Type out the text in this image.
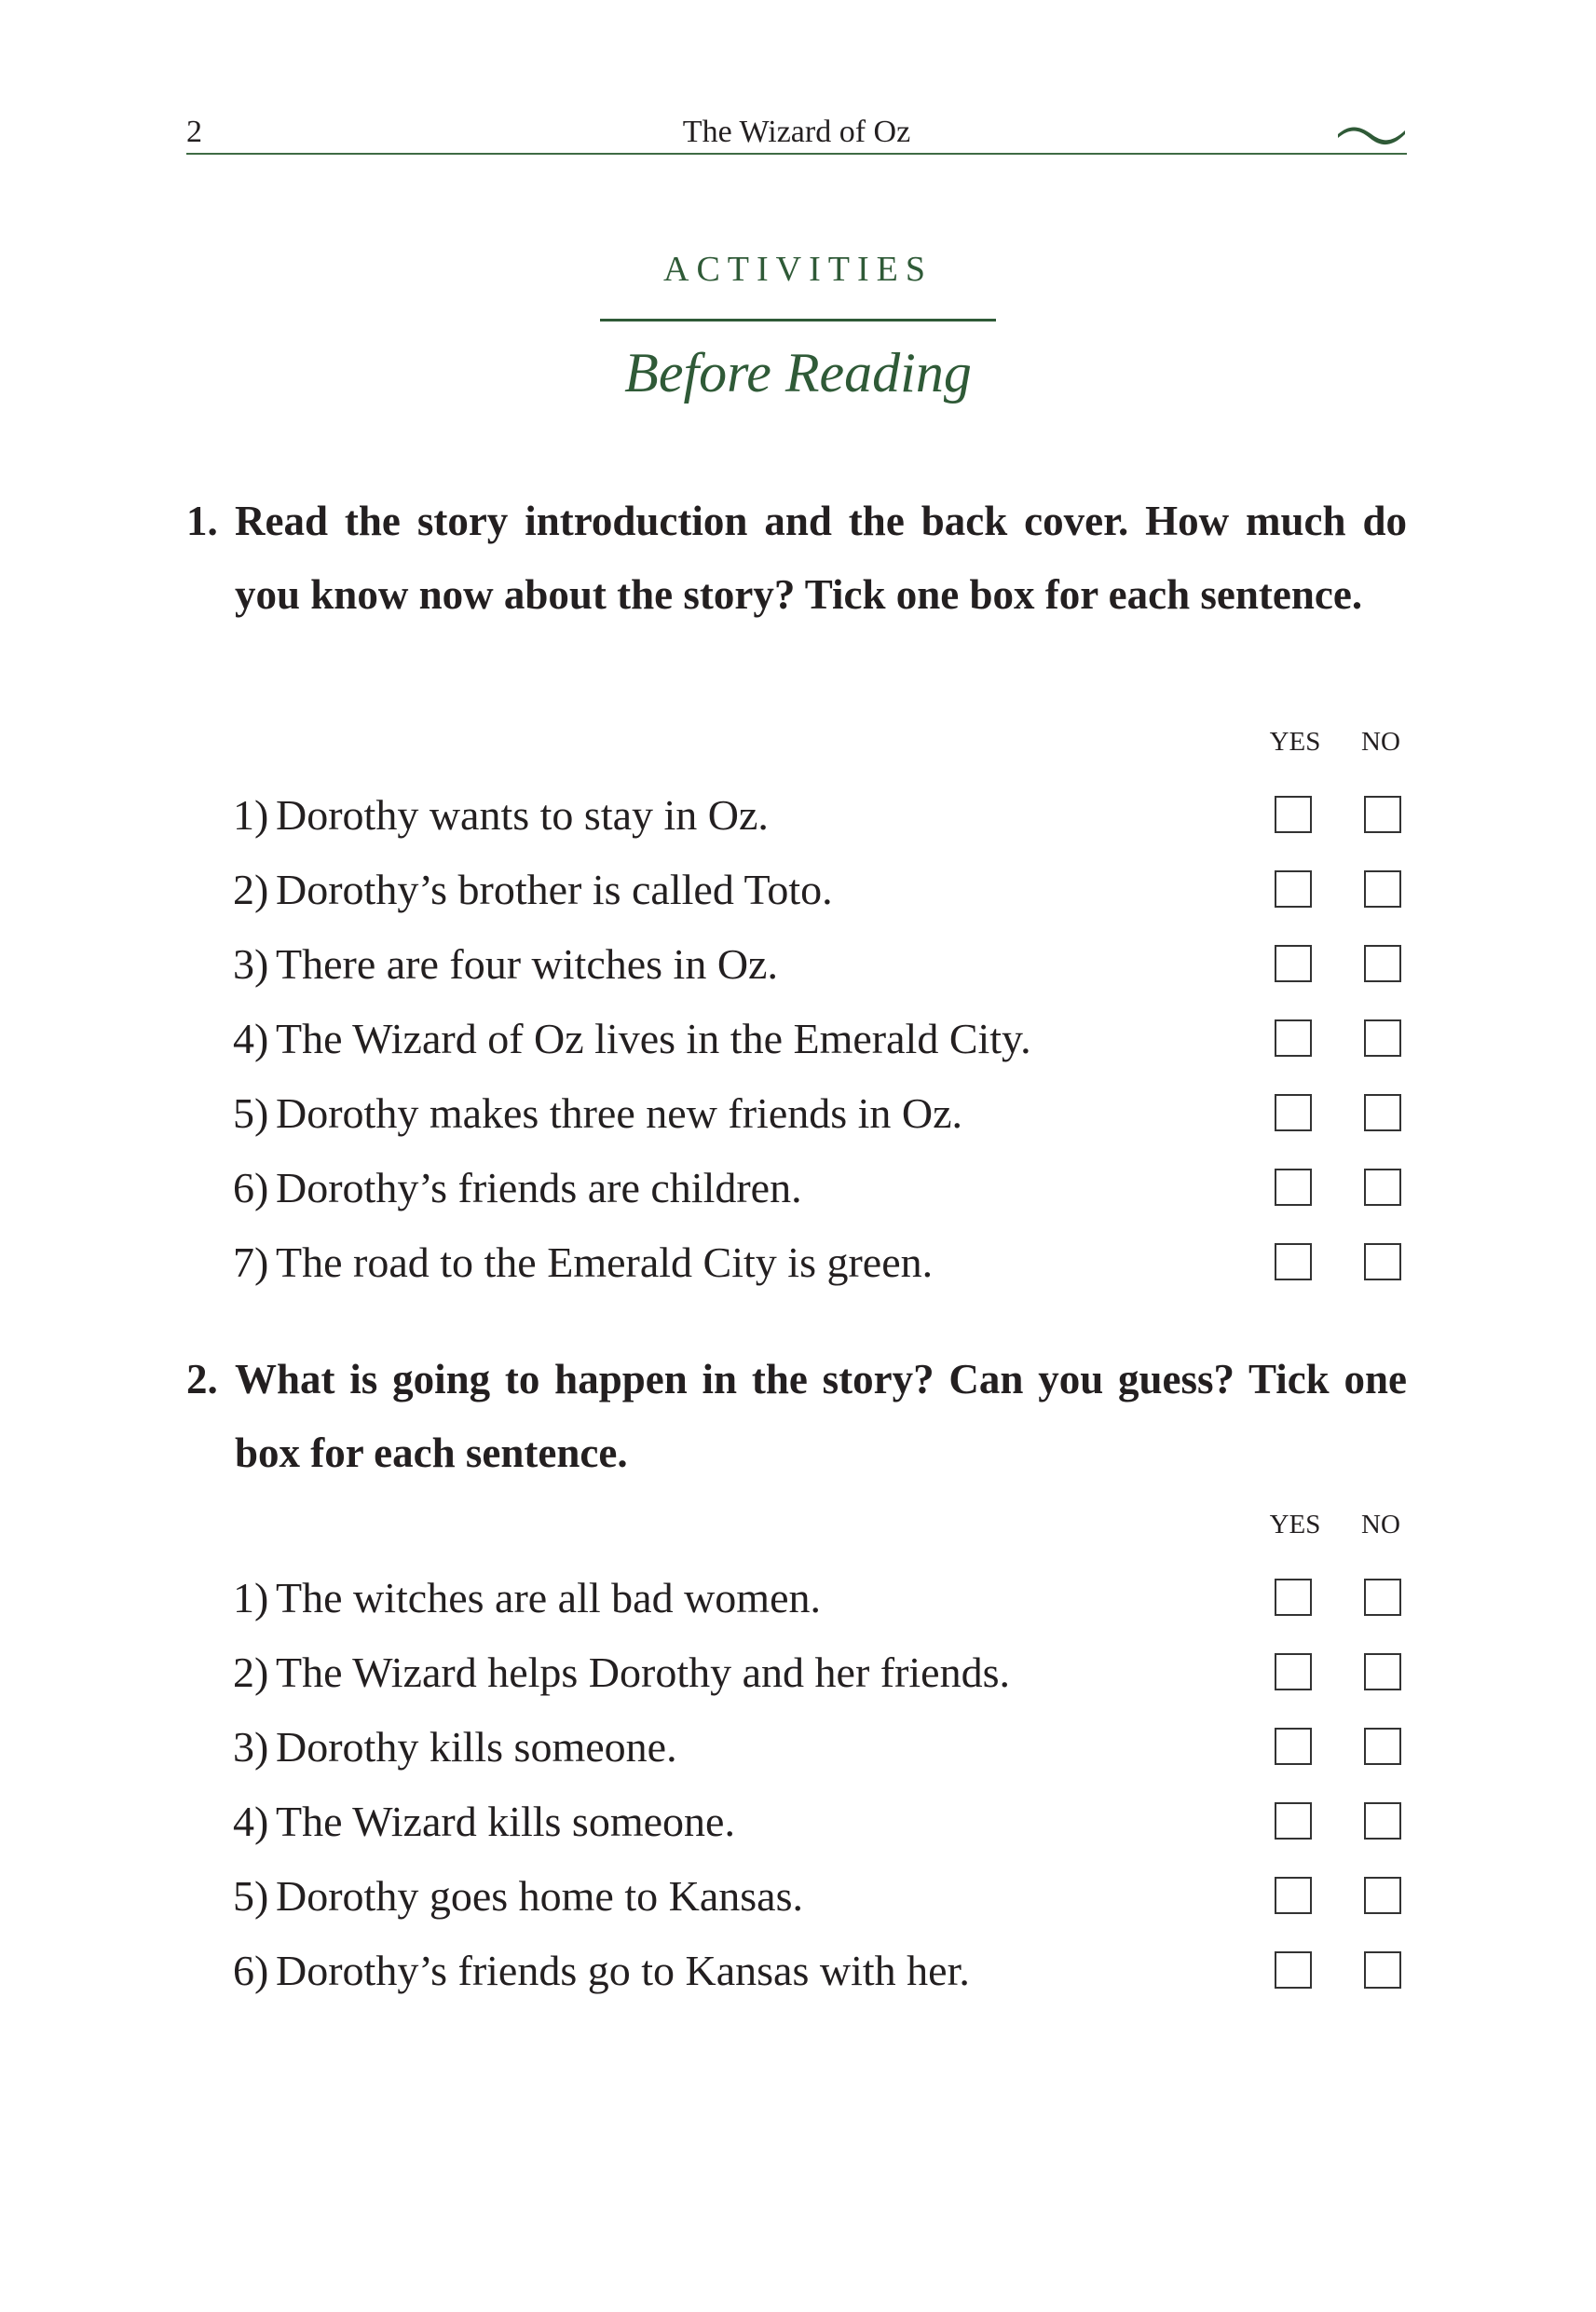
2	The Wizard of Oz
ACTIVITIES
Before Reading
1. Read the story introduction and the back cover. How much do you know now about the story? Tick one box for each sentence.
YES	NO
1) Dorothy wants to stay in Oz.
2) Dorothy’s brother is called Toto.
3) There are four witches in Oz.
4) The Wizard of Oz lives in the Emerald City.
5) Dorothy makes three new friends in Oz.
6) Dorothy’s friends are children.
7) The road to the Emerald City is green.
2. What is going to happen in the story? Can you guess? Tick one box for each sentence.
YES	NO
1) The witches are all bad women.
2) The Wizard helps Dorothy and her friends.
3) Dorothy kills someone.
4) The Wizard kills someone.
5) Dorothy goes home to Kansas.
6) Dorothy’s friends go to Kansas with her.
